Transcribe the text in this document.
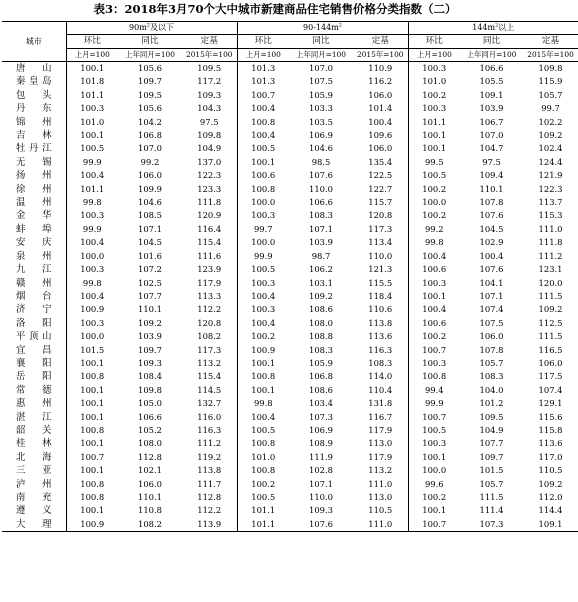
表3：2018年3月70个大中城市新建商品住宅销售价格分类指数（二）
城市	$90m^2$及以下			$90-144m^2$			$144m^2$以上		
	环比	同比	定基	环比	同比	定基	环比	同比	定基
	上月=100	上年同月=100	2015年=100	上月=100	上年同月=100	2015年=100	上月=100	上年同月=100	2015年=100
唐山	100.1	105.6	109.5	101.3	107.0	110.9	100.3	106.6	109.8
秦皇岛	101.8	109.7	117.2	101.3	107.5	116.2	101.0	105.5	115.9
包头	101.1	109.5	109.3	100.7	105.9	106.0	100.2	109.1	105.7
丹东	100.3	105.6	104.3	100.4	103.3	101.4	100.3	103.9	99.7
锦州	101.0	104.2	97.5	100.8	103.5	100.4	101.1	106.7	102.2
吉林	100.1	106.8	109.8	100.4	106.9	109.6	100.1	107.0	109.2
牡丹江	100.5	107.0	104.9	100.5	104.6	106.0	100.1	104.7	102.4
无锡	99.9	99.2	137.0	100.1	98.5	135.4	99.5	97.5	124.4
扬州	100.4	106.0	122.3	100.6	107.6	122.5	100.5	109.4	121.9
徐州	101.1	109.9	123.3	100.8	110.0	122.7	100.2	110.1	122.3
温州	99.8	104.6	111.8	100.0	106.6	115.7	100.0	107.8	113.7
金华	100.3	108.5	120.9	100.3	108.3	120.8	100.2	107.6	115.3
蚌埠	99.9	107.1	116.4	99.7	107.1	117.3	99.2	104.5	111.0
安庆	100.4	104.5	115.4	100.0	103.9	113.4	99.8	102.9	111.8
泉州	100.0	101.6	111.6	99.9	98.7	110.0	100.4	100.4	111.2
九江	100.3	107.2	123.9	100.5	106.2	121.3	100.6	107.6	123.1
赣州	99.8	102.5	117.9	100.3	103.1	115.5	100.3	104.1	120.0
烟台	100.4	107.7	113.3	100.4	109.2	118.4	100.1	107.1	111.5
济宁	100.9	110.1	112.2	100.3	108.6	110.6	100.4	107.4	109.2
洛阳	100.3	109.2	120.8	100.4	108.0	113.8	100.6	107.5	112.5
平顶山	100.0	103.9	108.2	100.2	108.8	113.6	100.2	106.0	111.5
宜昌	101.5	109.7	117.3	100.9	108.3	116.3	100.7	107.8	116.5
襄阳	100.1	109.3	113.2	100.1	105.9	108.3	100.3	105.7	106.0
岳阳	100.8	108.4	115.4	100.8	106.8	114.0	100.8	108.3	117.5
常德	100.1	109.8	114.5	100.1	108.6	110.4	99.4	104.0	107.4
惠州	100.1	105.0	132.7	99.8	103.4	131.8	99.9	101.2	129.1
湛江	100.1	106.6	116.0	100.4	107.3	116.7	100.7	109.5	115.6
韶关	100.8	105.2	116.3	100.5	106.9	117.9	100.5	104.9	115.8
桂林	100.1	108.0	111.2	100.8	108.9	113.0	100.3	107.7	113.6
北海	100.7	112.8	119.2	101.0	111.9	117.9	100.1	109.7	117.0
三亚	100.1	102.1	113.8	100.8	102.8	113.2	100.0	101.5	110.5
泸州	100.8	106.0	111.7	100.2	107.1	111.0	99.6	105.7	109.2
南充	100.8	110.1	112.8	100.5	110.0	113.0	100.2	111.5	112.0
遵义	100.1	110.8	112.2	101.1	109.3	110.5	100.1	111.4	114.4
大理	100.9	108.2	113.9	101.1	107.6	111.0	100.7	107.3	109.1
